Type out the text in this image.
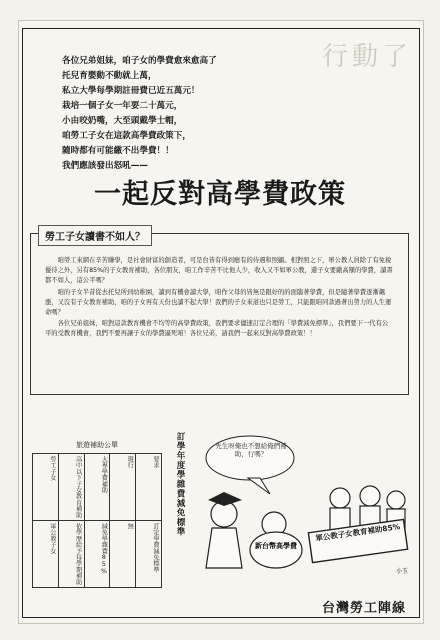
行動了
各位兄弟姐妹，咱子女的學費愈來愈高了
托兒育嬰動不動就上萬，
私立大學每學期註冊費已近五萬元！
栽培一個子女一年要二十萬元，
小由咬奶嘴，大至頭戴學士帽，
咱勞工子女在這款高學費政策下，
隨時都有可能繳不出學費！！
我們應該發出怒吼——
一起反對高學費政策
勞工子女讀書不如人？

咱勞工來網在辛苦賺學，是社會財富的創造者，可是台皆有得到應有的待遇和照顧。相對照之下，軍公教人員除了有免稅優待之外，另有85%的子女教育補助，各位朋友，咱工作辛苦不比他人少，收入又不如軍公教，還子女要繳高額的學費，讀書都不如人，這公平嗎？

咱的子女半昔從去托兒所到幼稚園，讀到有機會讀大學，咱作父母的皆無是跟好的的面臨著學費，但是隨著學費逐漸飆漲，又沒有子女教育補助，咱的子女再有天份也讀不起大學！我們的子女來道也只是勞工，只能跟咱同款過著出勞力的人生運命嗎？

各位兄弟姐妹，咱對這款教育機會不均等的高學費政策，我們要求儘速訂定合理的「學費減免標準」，我們要下一代有公平的受教育機會，我們不要再讓子女的學費逼死咱！各位兄弟，請我們一起來反對高學費政策！！

旅遊補助公單
勞工子女	高中以下子女教育補助	大專學費補助	現行	要求
軍公教子女	依學歷給予每學期補助	減免學雜費85%	無	訂定學費減免標準
訂學年度學雜費減免標準	先生呀俺也不想給俺們補助，行嗎？
新台幣高學費
軍公教子女教育補助85%
小玉
台灣勞工陣線
